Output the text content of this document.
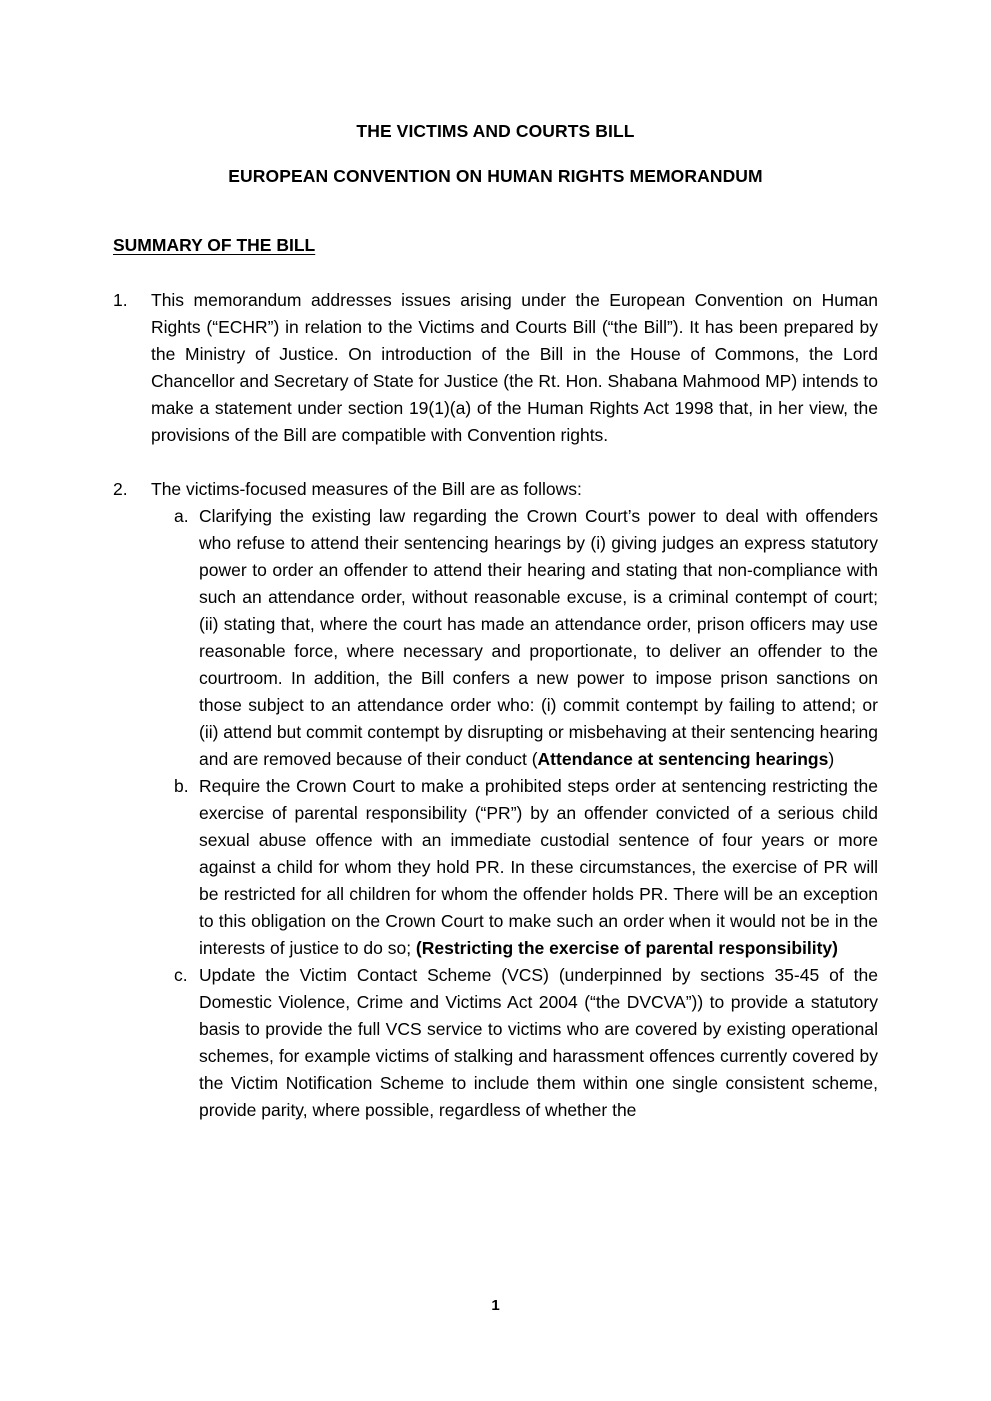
THE VICTIMS AND COURTS BILL
EUROPEAN CONVENTION ON HUMAN RIGHTS MEMORANDUM
SUMMARY OF THE BILL
1.	This memorandum addresses issues arising under the European Convention on Human Rights (“ECHR”) in relation to the Victims and Courts Bill (“the Bill”). It has been prepared by the Ministry of Justice. On introduction of the Bill in the House of Commons, the Lord Chancellor and Secretary of State for Justice (the Rt. Hon. Shabana Mahmood MP) intends to make a statement under section 19(1)(a) of the Human Rights Act 1998 that, in her view, the provisions of the Bill are compatible with Convention rights.
2.	The victims-focused measures of the Bill are as follows:
a. Clarifying the existing law regarding the Crown Court’s power to deal with offenders who refuse to attend their sentencing hearings by (i) giving judges an express statutory power to order an offender to attend their hearing and stating that non-compliance with such an attendance order, without reasonable excuse, is a criminal contempt of court; (ii) stating that, where the court has made an attendance order, prison officers may use reasonable force, where necessary and proportionate, to deliver an offender to the courtroom. In addition, the Bill confers a new power to impose prison sanctions on those subject to an attendance order who: (i) commit contempt by failing to attend; or (ii) attend but commit contempt by disrupting or misbehaving at their sentencing hearing and are removed because of their conduct (Attendance at sentencing hearings)
b. Require the Crown Court to make a prohibited steps order at sentencing restricting the exercise of parental responsibility (“PR”) by an offender convicted of a serious child sexual abuse offence with an immediate custodial sentence of four years or more against a child for whom they hold PR. In these circumstances, the exercise of PR will be restricted for all children for whom the offender holds PR. There will be an exception to this obligation on the Crown Court to make such an order when it would not be in the interests of justice to do so; (Restricting the exercise of parental responsibility)
c. Update the Victim Contact Scheme (VCS) (underpinned by sections 35-45 of the Domestic Violence, Crime and Victims Act 2004 (“the DVCVA”)) to provide a statutory basis to provide the full VCS service to victims who are covered by existing operational schemes, for example victims of stalking and harassment offences currently covered by the Victim Notification Scheme to include them within one single consistent scheme, provide parity, where possible, regardless of whether the
1
